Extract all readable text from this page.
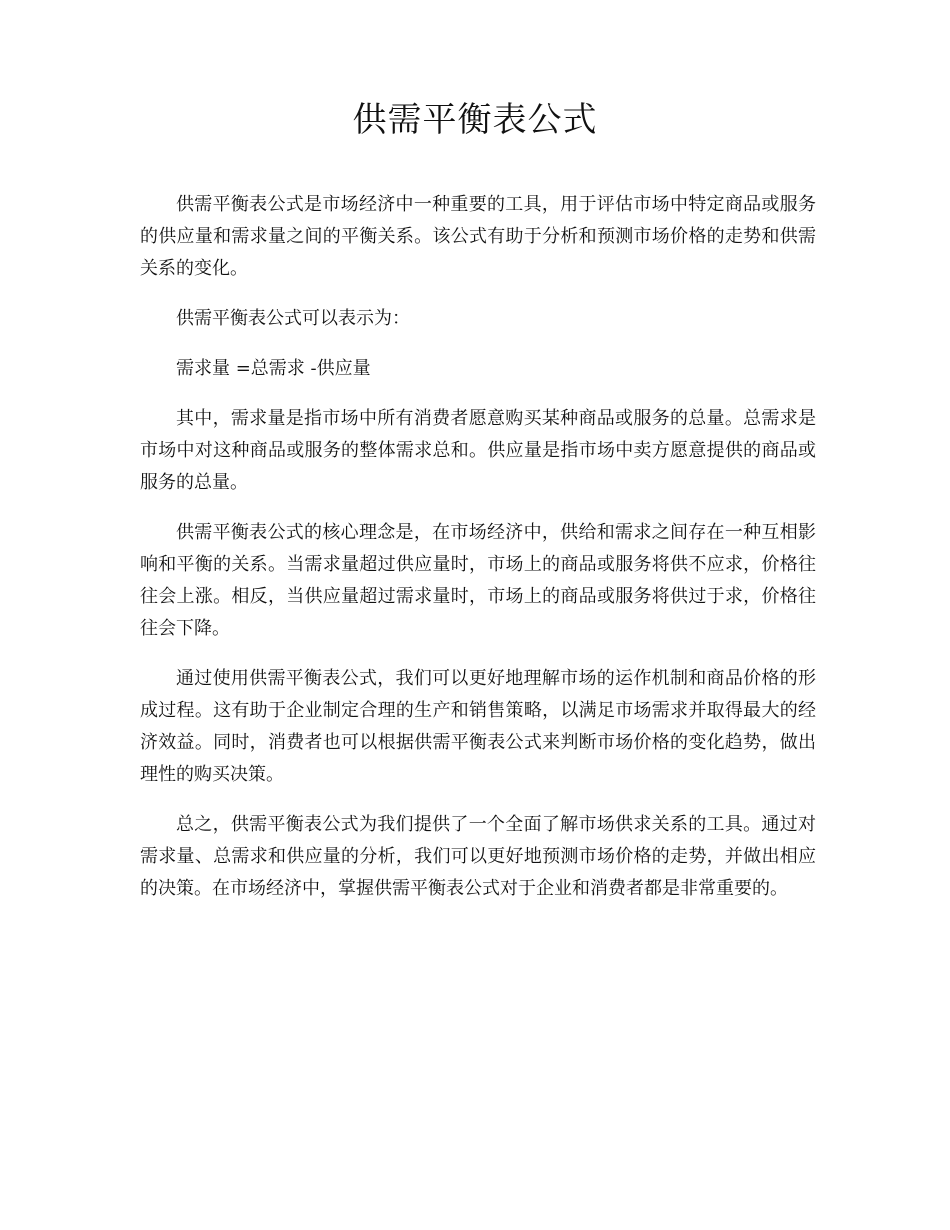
供需平衡表公式

供需平衡表公式是市场经济中一种重要的工具，用于评估市场中特定商品或服务的供应量和需求量之间的平衡关系。该公式有助于分析和预测市场价格的走势和供需关系的变化。

供需平衡表公式可以表示为：

需求量 =总需求 -供应量

其中，需求量是指市场中所有消费者愿意购买某种商品或服务的总量。总需求是市场中对这种商品或服务的整体需求总和。供应量是指市场中卖方愿意提供的商品或服务的总量。

供需平衡表公式的核心理念是，在市场经济中，供给和需求之间存在一种互相影响和平衡的关系。当需求量超过供应量时，市场上的商品或服务将供不应求，价格往往会上涨。相反，当供应量超过需求量时，市场上的商品或服务将供过于求，价格往往会下降。

通过使用供需平衡表公式，我们可以更好地理解市场的运作机制和商品价格的形成过程。这有助于企业制定合理的生产和销售策略，以满足市场需求并取得最大的经济效益。同时，消费者也可以根据供需平衡表公式来判断市场价格的变化趋势，做出理性的购买决策。

总之，供需平衡表公式为我们提供了一个全面了解市场供求关系的工具。通过对需求量、总需求和供应量的分析，我们可以更好地预测市场价格的走势，并做出相应的决策。在市场经济中，掌握供需平衡表公式对于企业和消费者都是非常重要的。
